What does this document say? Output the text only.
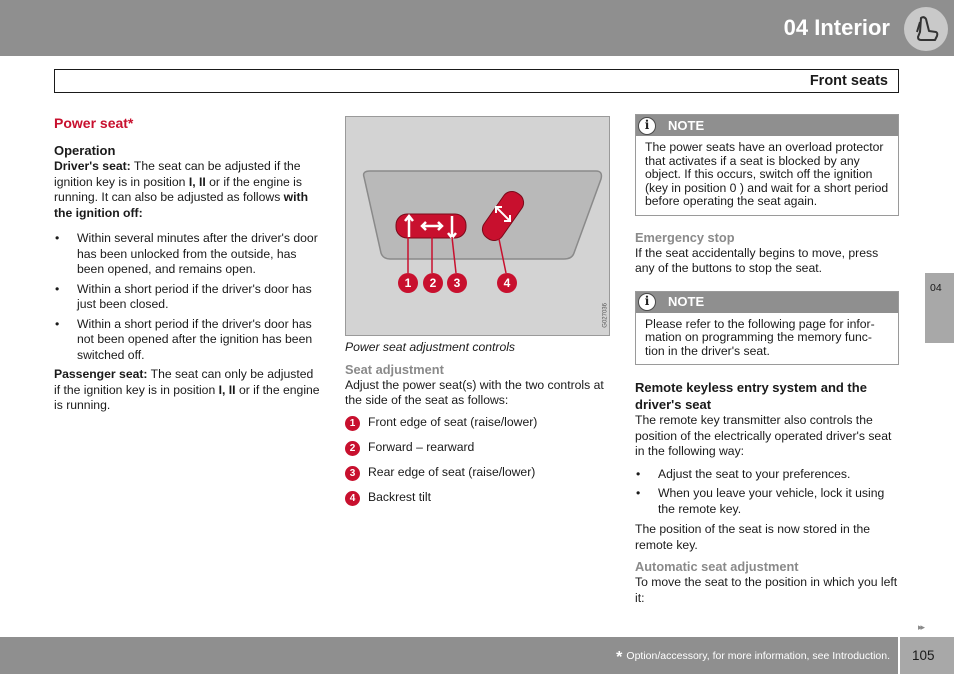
04 Interior
Front seats
Power seat*
Operation

Driver's seat: The seat can be adjusted if the ignition key is in position I, II or if the engine is running. It can also be adjusted as follows with the ignition off:

• Within several minutes after the driver's door has been unlocked from the outside, has been opened, and remains open.
• Within a short period if the driver's door has just been closed.
• Within a short period if the driver's door has not been opened after the ignition has been switched off.

Passenger seat: The seat can only be adjusted if the ignition key is in position I, II or if the engine is running.

1 2 3	4
G027036

Power seat adjustment controls

Seat adjustment

Adjust the power seat(s) with the two controls at the side of the seat as follows:

1	Front edge of seat (raise/lower)
2	Forward – rearward
3	Rear edge of seat (raise/lower)
4	Backrest tilt
i	NOTE
The power seats have an overload protector that activates if a seat is blocked by any object. If this occurs, switch off the ignition (key in position 0 ) and wait for a short period before operating the seat again.
Emergency stop

If the seat accidentally begins to move, press any of the buttons to stop the seat.

i	NOTE
Please refer to the following page for infor-mation on programming the memory func-tion in the driver's seat.
Remote keyless entry system and the driver's seat

The remote key transmitter also controls the position of the electrically operated driver's seat in the following way:

• Adjust the seat to your preferences.
• When you leave your vehicle, lock it using the remote key.

The position of the seat is now stored in the remote key.

Automatic seat adjustment

To move the seat to the position in which you left it:

04
▸▸
* Option/accessory, for more information, see Introduction. 105
